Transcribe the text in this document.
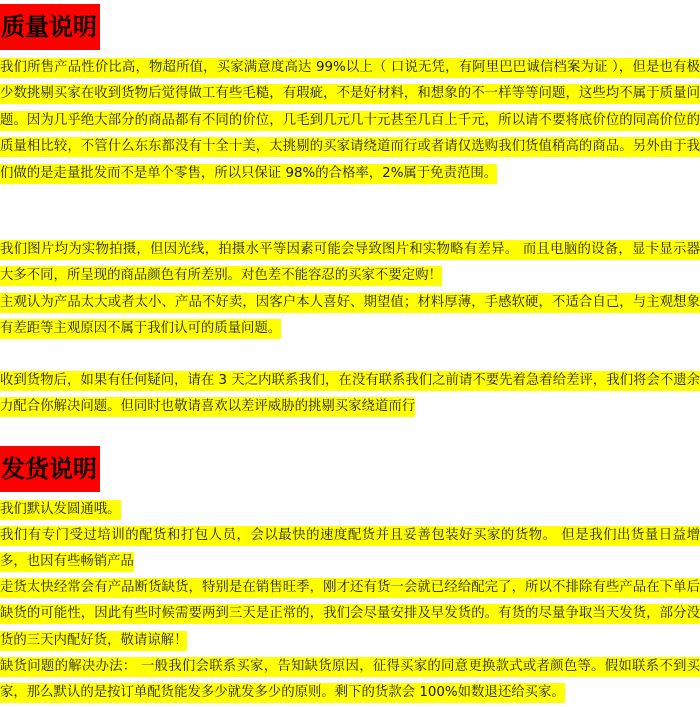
质量说明
我们所售产品性价比高，物超所值，买家满意度高达 99%以上（ 口说无凭，有阿里巴巴诚信档案为证 ），但是也有极少数挑剔买家在收到货物后觉得做工有些毛糙，有瑕疵，不是好材料，和想象的不一样等等问题，这些均不属于质量问题。因为几乎绝大部分的商品都有不同的价位，几毛到几元几十元甚至几百上千元，所以请不要将底价位的同高价位的质量相比较，不管什么东东都没有十全十美，太挑剔的买家请绕道而行或者请仅选购我们货值稍高的商品。另外由于我们做的是走量批发而不是单个零售，所以只保证 98%的合格率，2%属于免责范围。
我们图片均为实物拍摄，但因光线，拍摄水平等因素可能会导致图片和实物略有差异。 而且电脑的设备，显卡显示器大多不同，所呈现的商品颜色有所差别。对色差不能容忍的买家不要定购！
主观认为产品太大或者太小、产品不好卖，因客户本人喜好、期望值；材料厚薄，手感软硬，不适合自己，与主观想象有差距等主观原因不属于我们认可的质量问题。
收到货物后，如果有任何疑问，请在 3 天之内联系我们，在没有联系我们之前请不要先着急着给差评，我们将会不遗余力配合你解决问题。但同时也敬请喜欢以差评威胁的挑剔买家绕道而行
发货说明
我们默认发圆通哦。
我们有专门受过培训的配货和打包人员，会以最快的速度配货并且妥善包装好买家的货物。 但是我们出货量日益增多，也因有些畅销产品
走货太快经常会有产品断货缺货，特别是在销售旺季，刚才还有货一会就已经给配完了，所以不排除有些产品在下单后缺货的可能性，因此有些时候需要两到三天是正常的，我们会尽量安排及早发货的。有货的尽量争取当天发货，部分没货的三天内配好货，敬请谅解！
缺货问题的解决办法： 一般我们会联系买家，告知缺货原因，征得买家的同意更换款式或者颜色等。假如联系不到买家，那么默认的是按订单配货能发多少就发多少的原则。剩下的货款会 100%如数退还给买家。
